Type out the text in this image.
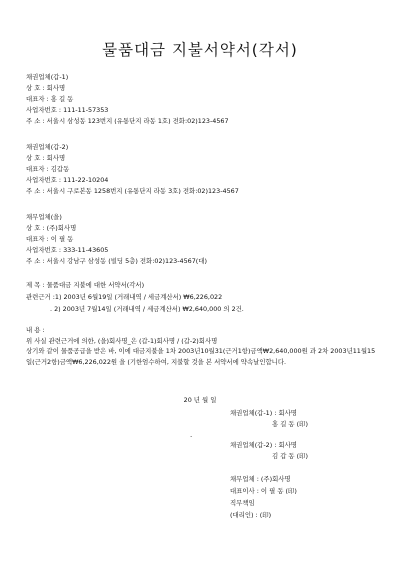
물품대금 지불서약서(각서)
채권업체(갑-1)
상 호 : 회사명
대표자 : 홍 길 동
사업자번호 : 111-11-57353
주 소 : 서울시 삼성동 123번지 (유통단지 라동 1호) 전화:02)123-4567
채권업체(갑-2)
상 호 : 회사명
대표자 : 김갑동
사업자번호 : 111-22-10204
주 소 : 서울시 구로본동 1258번지 (유통단지 라동 3호) 전화:02)123-4567
채무업체(을)
상 호 : (주)회사명
대표자 : 이 필 동
사업자번호 : 333-11-43605
주 소 : 서울시 강남구 삼성동 (빌딩 5층) 전화:02)123-4567(대)
제 목 : 물품대금 지불에 대한 서약서(각서)
관련근거 :1) 2003년 6월19일 (거래내역 / 세금계산서) ₩6,226,022
. 2) 2003년 7월14일 (거래내역 / 세금계산서) ₩2,640,000 의 2건.
내 용 :
위 사실 관련근거에 의한, (을)회사명_은 (갑-1)회사명 / (갑-2)회사명
상기와 같이 물품공급을 받은 바, 이에 대금지불을 1차 2003년10월31(근거1항)금액₩2,640,000원 과 2차 2003년11월15일(근거2항)금액₩6,226,022원 을 (기한엄수하여, 지불할 것을 본 서약서에 약속날인합니다.
20 년 월 일
채권업체(갑-1) : 회사명
홍 길 동 (印)
·
채권업체(갑-2) : 회사명
김 갑 동 (印)
채무업체 : (주)회사명
대표이사 : 이 필 동 (印)
직무책임
(대리인) : (印)
